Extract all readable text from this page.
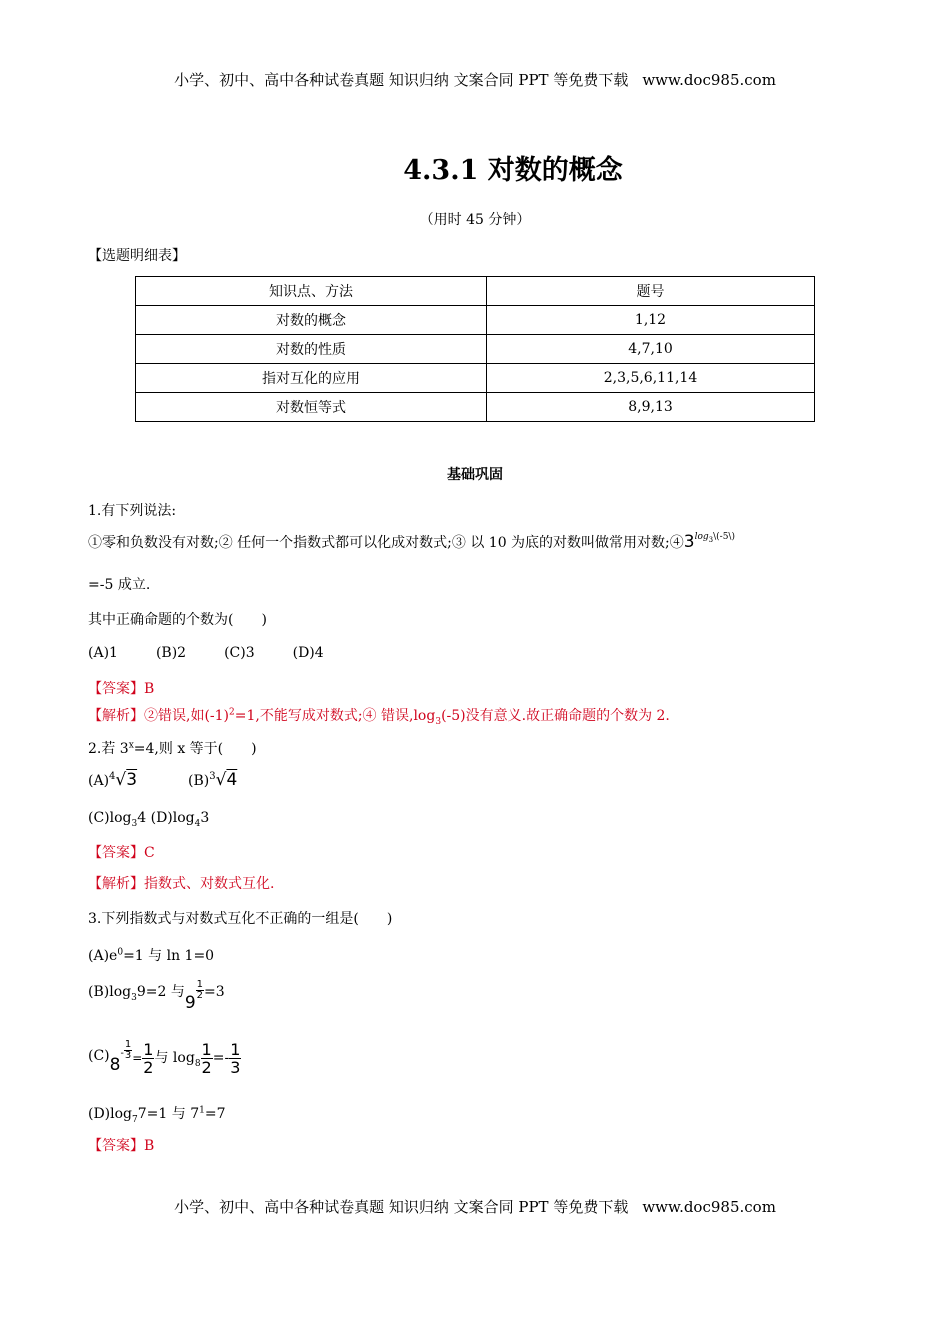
小学、初中、高中各种试卷真题 知识归纳 文案合同 PPT 等免费下载 www.doc985.com
4.3.1 对数的概念
（用时 45 分钟）
【选题明细表】
知识点、方法	题号
对数的概念	1,12
对数的性质	4,7,10
指对互化的应用	2,3,5,6,11,14
对数恒等式	8,9,13
基础巩固
1.有下列说法:
①零和负数没有对数;② 任何一个指数式都可以化成对数式;③ 以 10 为底的对数叫做常用对数$;④3^{log_3\backslash(-5\backslash)}$
=-5 成立.
其中正确命题的个数为(　　)
(A)1	(B)2	(C)3	(D)4
【答案】B
【解析】②错误,如$(-1)^2=1$,不能写成对数式;④ 错误$,\log_3(-5)$没有意义.故正确命题的个数为 2.
2.若 $3^x=4$,则 x 等于(　　)
$(A)^4√3$	$(B)^3√4$
$(C)\log_34$ $(D)\log_43$
【答案】C
【解析】指数式、对数式互化.
3.下列指数式与对数式互化不正确的一组是(　　)
$(A)e^0=1$ 与 ln 1=0
$(B)\log_39=2$ 与9
$\frac{1}{2} =3$
$(C)8^- \frac{1}{3} = \frac{1}{2}$ 与 $\log_8 \frac{1}{2} =- \frac{1}{3}$
$(D)\log_77=1$ 与 $7^1=7$
【答案】B
小学、初中、高中各种试卷真题 知识归纳 文案合同 PPT 等免费下载 www.doc985.com
